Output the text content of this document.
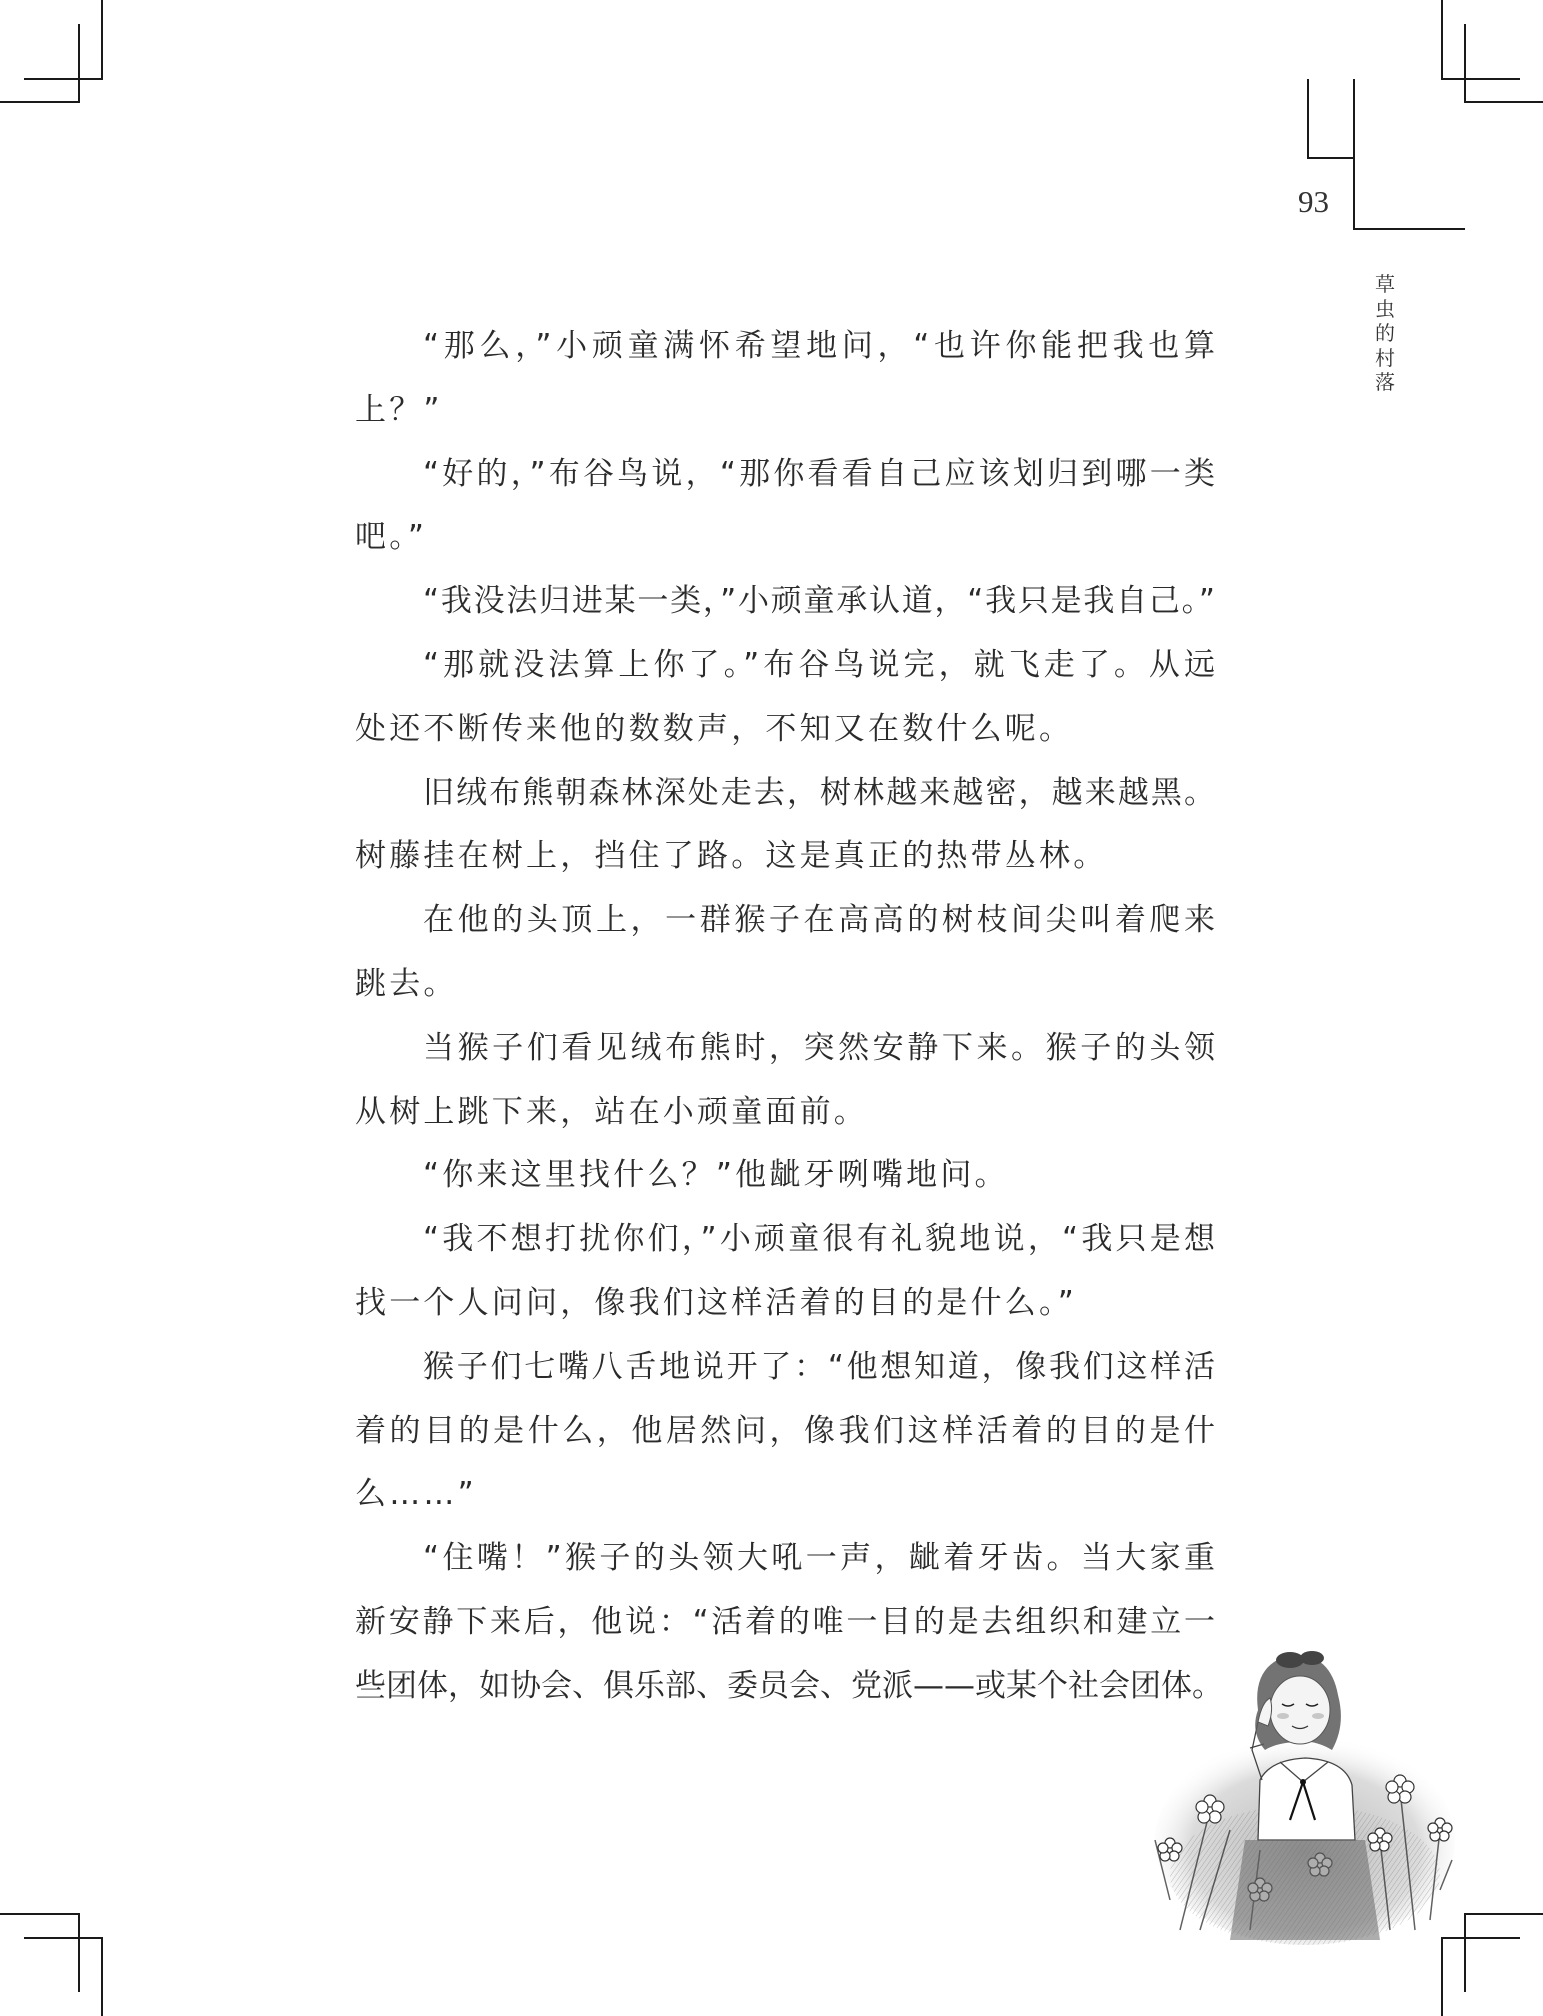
93
草虫的村落
“那么，”小顽童满怀希望地问，“也许你能把我也算
上？”
“好的，”布谷鸟说，“那你看看自己应该划归到哪一类
吧。”
“我没法归进某一类，”小顽童承认道，“我只是我自己。”
“那就没法算上你了。”布谷鸟说完，就飞走了。从远
处还不断传来他的数数声，不知又在数什么呢。
旧绒布熊朝森林深处走去，树林越来越密，越来越黑。
树藤挂在树上，挡住了路。这是真正的热带丛林。
在他的头顶上，一群猴子在高高的树枝间尖叫着爬来
跳去。
当猴子们看见绒布熊时，突然安静下来。猴子的头领
从树上跳下来，站在小顽童面前。
“你来这里找什么？”他龇牙咧嘴地问。
“我不想打扰你们，”小顽童很有礼貌地说，“我只是想
找一个人问问，像我们这样活着的目的是什么。”
猴子们七嘴八舌地说开了：“他想知道，像我们这样活
着的目的是什么，他居然问，像我们这样活着的目的是什
么……”
“住嘴！”猴子的头领大吼一声，龇着牙齿。当大家重
新安静下来后，他说：“活着的唯一目的是去组织和建立一
些团体，如协会、俱乐部、委员会、党派——或某个社会团体。
